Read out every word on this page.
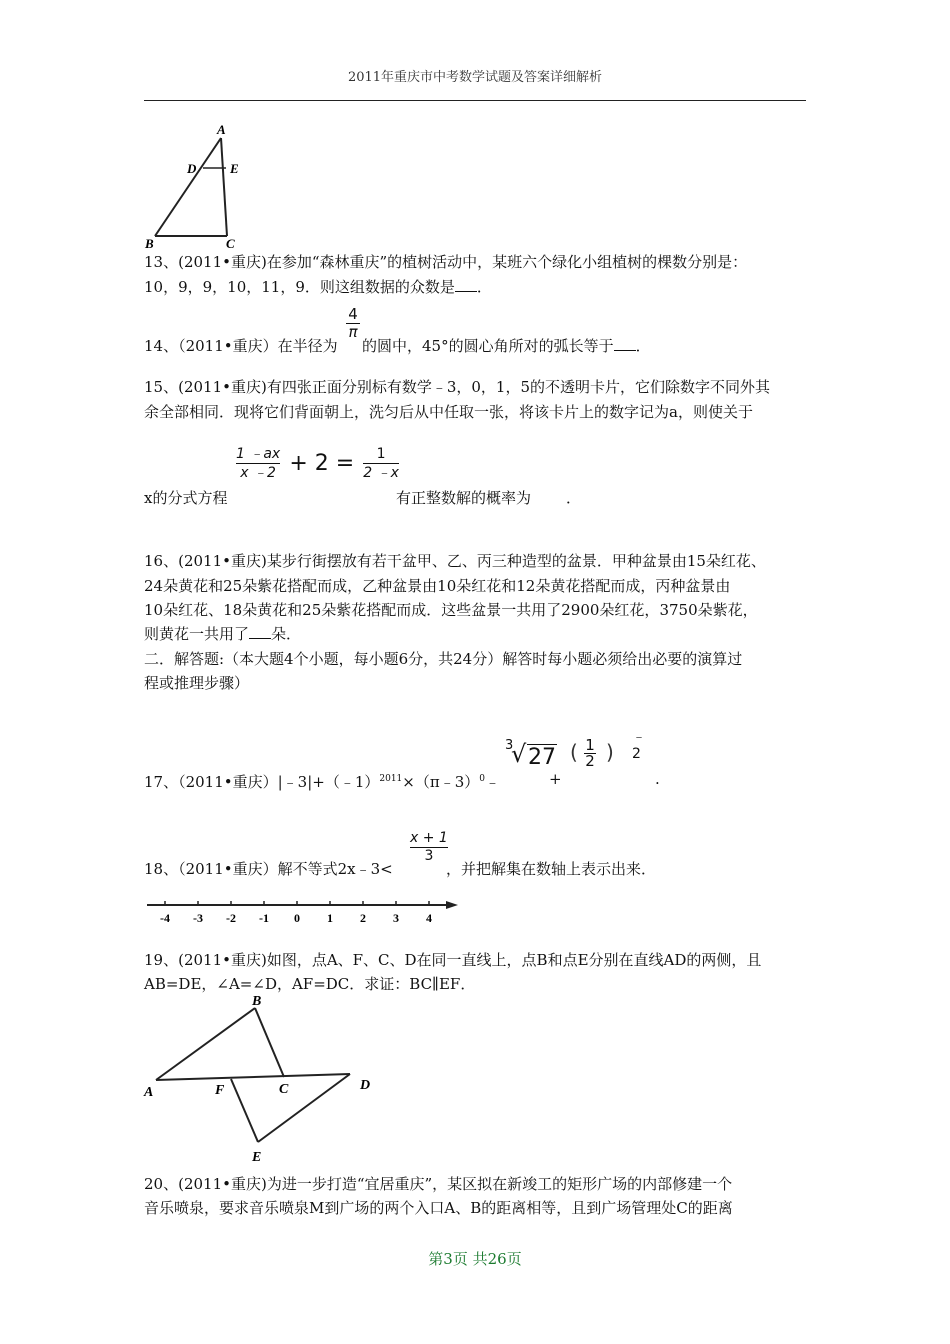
2011年重庆市中考数学试题及答案详细解析
A
D	E
B	C
13、(2011•重庆)在参加“森林重庆”的植树活动中，某班六个绿化小组植树的棵数分别是：
10，9，9，10，11，9．则这组数据的众数是 ．
14、（2011•重庆）在半径为
4
π
的圆中，45°的圆心角所对的弧长等于 ．
15、(2011•重庆)有四张正面分别标有数学﹣3，0，1，5的不透明卡片，它们除数字不同外其
余全部相同．现将它们背面朝上，洗匀后从中任取一张，将该卡片上的数字记为a，则使关于
$\frac{1 ﹣ax}{x ﹣2} + 2 = \frac{1}{2 ﹣x}$
x的分式方程	有正整数解的概率为 ．
16、(2011•重庆)某步行街摆放有若干盆甲、乙、丙三种造型的盆景．甲种盆景由15朵红花、
24朵黄花和25朵紫花搭配而成，乙种盆景由10朵红花和12朵黄花搭配而成，丙种盆景由
10朵红花、18朵黄花和25朵紫花搭配而成．这些盆景一共用了2900朵红花，3750朵紫花，
则黄花一共用了 朵．
二．解答题:（本大题4个小题，每小题6分，共24分）解答时每小题必须给出必要的演算过
程或推理步骤）
17、（2011•重庆）|﹣3|+（﹣1）$^{2011}$×（π﹣3）$^0$﹣
3
√ 27
+
( 1
2 )
﹣2
.
18、（2011•重庆）解不等式2x﹣3<
x + 1
3
，并把解集在数轴上表示出来．
-4 -3 -2 -1 0 1 2 3 4
19、(2011•重庆)如图，点A、F、C、D在同一直线上，点B和点E分别在直线AD的两侧，且
AB=DE，∠A=∠D，AF=DC．求证：BC∥EF．
B
A	F	C	D
E
20、(2011•重庆)为进一步打造“宜居重庆”，某区拟在新竣工的矩形广场的内部修建一个
音乐喷泉，要求音乐喷泉M到广场的两个入口A、B的距离相等，且到广场管理处C的距离
第3页 共26页
